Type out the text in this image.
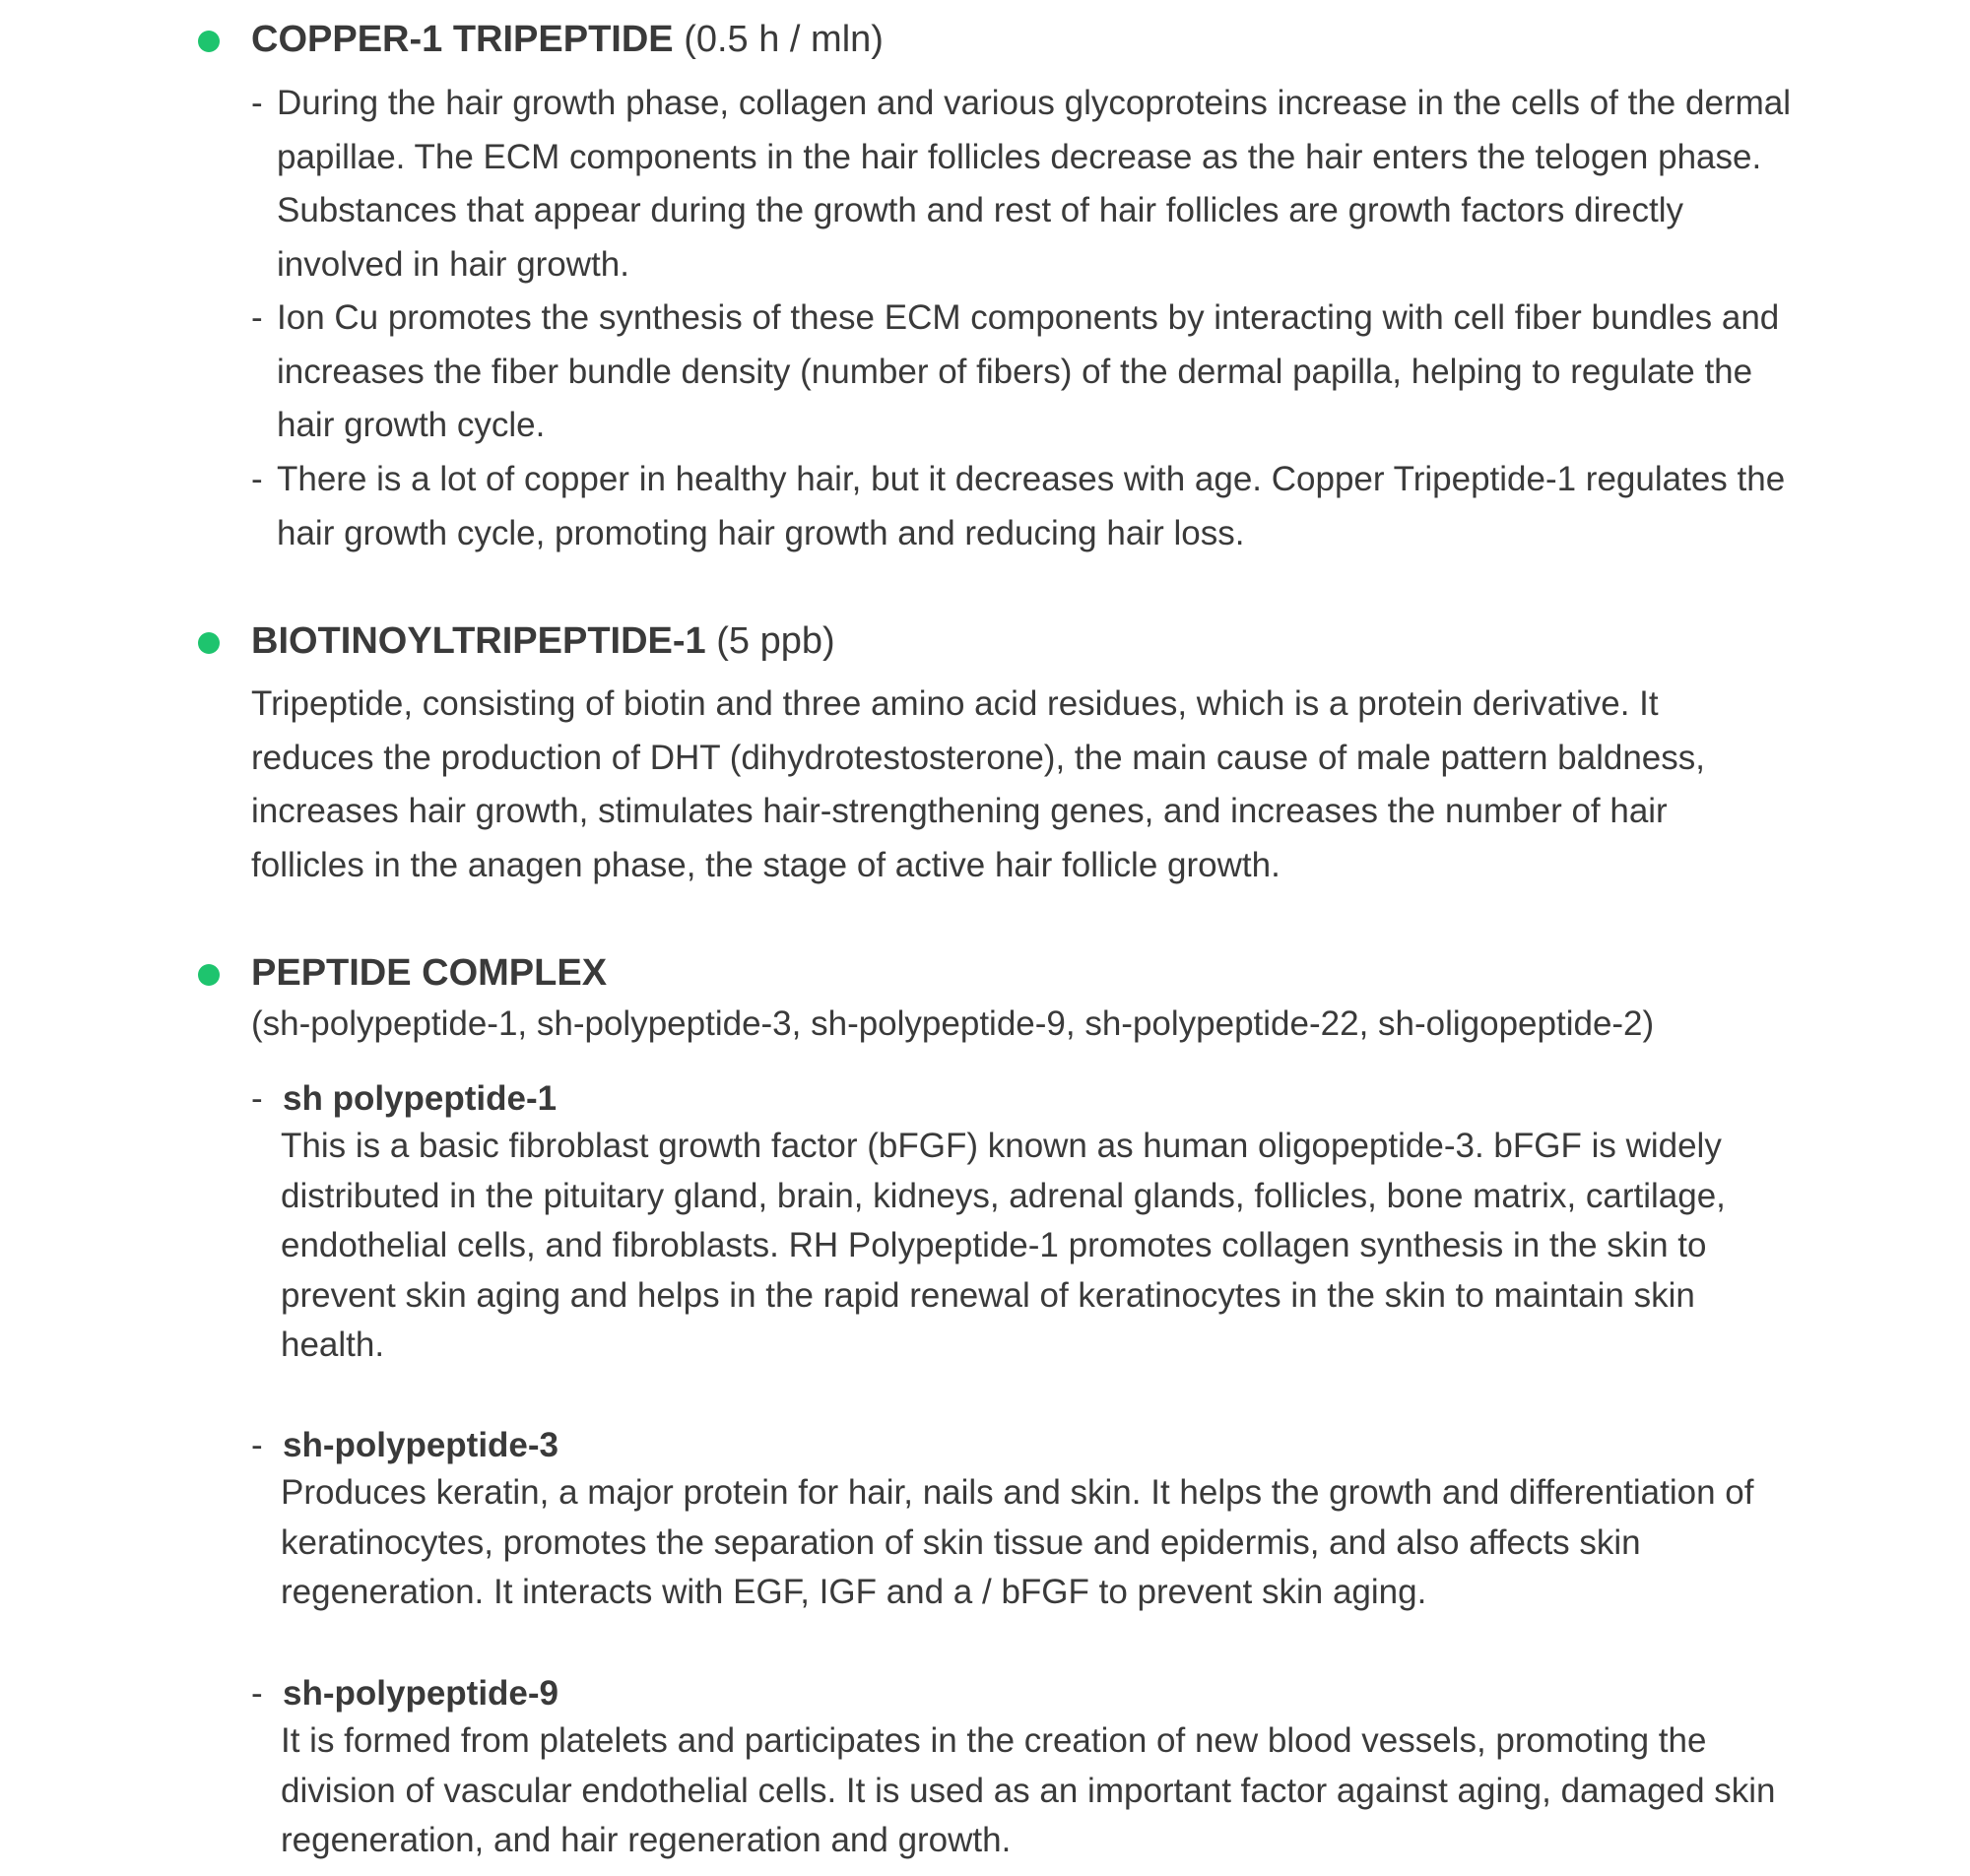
COPPER-1 TRIPEPTIDE (0.5 h / mln)
- During the hair growth phase, collagen and various glycoproteins increase in the cells of the dermal papillae. The ECM components in the hair follicles decrease as the hair enters the telogen phase. Substances that appear during the growth and rest of hair follicles are growth factors directly involved in hair growth.

- Ion Cu promotes the synthesis of these ECM components by interacting with cell fiber bundles and increases the fiber bundle density (number of fibers) of the dermal papilla, helping to regulate the hair growth cycle.

- There is a lot of copper in healthy hair, but it decreases with age. Copper Tripeptide-1 regulates the hair growth cycle, promoting hair growth and reducing hair loss.

BIOTINOYLTRIPEPTIDE-1 (5 ppb)

Tripeptide, consisting of biotin and three amino acid residues, which is a protein derivative. It reduces the production of DHT (dihydrotestosterone), the main cause of male pattern baldness, increases hair growth, stimulates hair-strengthening genes, and increases the number of hair follicles in the anagen phase, the stage of active hair follicle growth.

PEPTIDE COMPLEX
(sh-polypeptide-1, sh-polypeptide-3, sh-polypeptide-9, sh-polypeptide-22, sh-oligopeptide-2)
- sh polypeptide-1

This is a basic fibroblast growth factor (bFGF) known as human oligopeptide-3. bFGF is widely distributed in the pituitary gland, brain, kidneys, adrenal glands, follicles, bone matrix, cartilage, endothelial cells, and fibroblasts. RH Polypeptide-1 promotes collagen synthesis in the skin to prevent skin aging and helps in the rapid renewal of keratinocytes in the skin to maintain skin health.

- sh-polypeptide-3

Produces keratin, a major protein for hair, nails and skin. It helps the growth and differentiation of keratinocytes, promotes the separation of skin tissue and epidermis, and also affects skin regeneration. It interacts with EGF, IGF and a / bFGF to prevent skin aging.

- sh-polypeptide-9

It is formed from platelets and participates in the creation of new blood vessels, promoting the division of vascular endothelial cells. It is used as an important factor against aging, damaged skin regeneration, and hair regeneration and growth.
